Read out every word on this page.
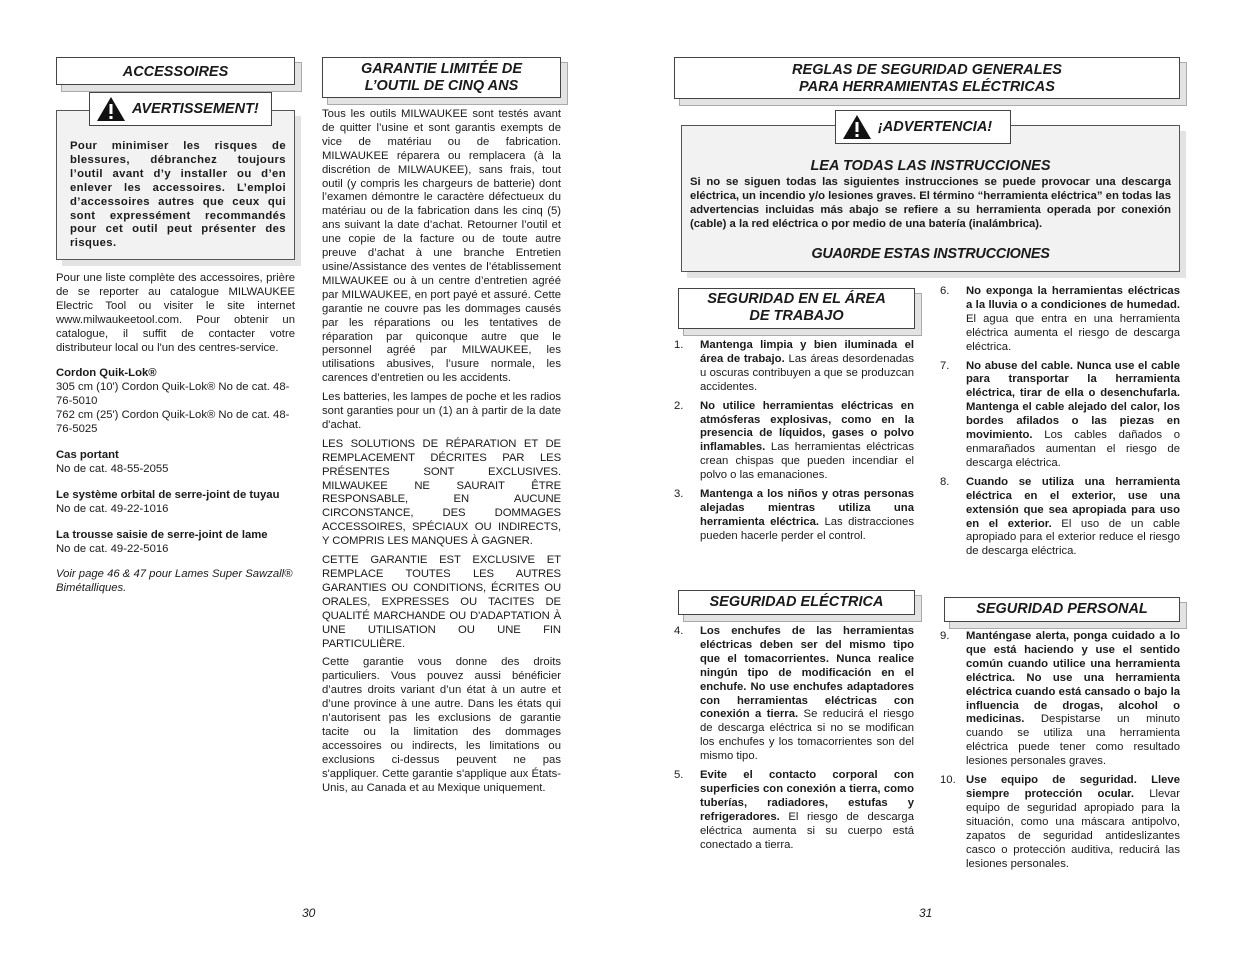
ACCESSOIRES
AVERTISSEMENT!
Pour minimiser les risques de blessures, débranchez toujours l’outil avant d’y installer ou d’en enlever les accessoires. L’emploi d’accessoires autres que ceux qui sont expressément recommandés pour cet outil peut présenter des risques.

Pour une liste complète des accessoires, prière de se reporter au catalogue MILWAUKEE Electric Tool ou visiter le site internet www.milwaukeetool.com. Pour obtenir un catalogue, il suffit de contacter votre distributeur local ou l'un des centres-service.

Cordon Quik-Lok®
305 cm (10') Cordon Quik-Lok® No de cat. 48-76-5010
762 cm (25') Cordon Quik-Lok® No de cat. 48-76-5025
Cas portant
No de cat. 48-55-2055
Le système orbital de serre-joint de tuyau
No de cat. 49-22-1016
La trousse saisie de serre-joint de lame
No de cat. 49-22-5016

Voir page 46 & 47 pour Lames Super Sawzall® Bimétalliques.

GARANTIE LIMITÉE DE
L’OUTIL DE CINQ ANS

Tous les outils MILWAUKEE sont testés avant de quitter l’usine et sont garantis exempts de vice de matériau ou de fabrication. MILWAUKEE réparera ou remplacera (à la discrétion de MILWAUKEE), sans frais, tout outil (y compris les chargeurs de batterie) dont l’examen démontre le caractère défectueux du matériau ou de la fabrication dans les cinq (5) ans suivant la date d’achat. Retourner l’outil et une copie de la facture ou de toute autre preuve d’achat à une branche Entretien usine/Assistance des ventes de l’établissement MILWAUKEE ou à un centre d’entretien agréé par MILWAUKEE, en port payé et assuré. Cette garantie ne couvre pas les dommages causés par les réparations ou les tentatives de réparation par quiconque autre que le personnel agréé par MILWAUKEE, les utilisations abusives, l’usure normale, les carences d’entretien ou les accidents.

Les batteries, les lampes de poche et les radios sont garanties pour un (1) an à partir de la date d'achat.

LES SOLUTIONS DE RÉPARATION ET DE REMPLACEMENT DÉCRITES PAR LES PRÉSENTES SONT EXCLUSIVES. MILWAUKEE NE SAURAIT ÊTRE RESPONSABLE, EN AUCUNE CIRCONSTANCE, DES DOMMAGES ACCESSOIRES, SPÉCIAUX OU INDIRECTS, Y COMPRIS LES MANQUES À GAGNER.

CETTE GARANTIE EST EXCLUSIVE ET REMPLACE TOUTES LES AUTRES GARANTIES OU CONDITIONS, ÉCRITES OU ORALES, EXPRESSES OU TACITES DE QUALITÉ MARCHANDE OU D'ADAPTATION À UNE UTILISATION OU UNE FIN PARTICULIÈRE.

Cette garantie vous donne des droits particuliers. Vous pouvez aussi bénéficier d’autres droits variant d’un état à un autre et d’une province à une autre. Dans les états qui n’autorisent pas les exclusions de garantie tacite ou la limitation des dommages accessoires ou indirects, les limitations ou exclusions ci-dessus peuvent ne pas s'appliquer. Cette garantie s'applique aux États-Unis, au Canada et au Mexique uniquement.

30
REGLAS DE SEGURIDAD GENERALES
PARA HERRAMIENTAS ELÉCTRICAS
¡ADVERTENCIA!
LEA TODAS LAS INSTRUCCIONES
Si no se siguen todas las siguientes instrucciones se puede provocar una descarga eléctrica, un incendio y/o lesiones graves. El término “herramienta eléctrica” en todas las advertencias incluidas más abajo se refiere a su herramienta operada por conexión (cable) a la red eléctrica o por medio de una batería (inalámbrica).
GUA0RDE ESTAS INSTRUCCIONES
SEGURIDAD EN EL ÁREA
DE TRABAJO
1. Mantenga limpia y bien iluminada el área de trabajo. Las áreas desordenadas u oscuras contribuyen a que se produzcan accidentes.
2. No utilice herramientas eléctricas en atmósferas explosivas, como en la presencia de líquidos, gases o polvo inflamables. Las herramientas eléctricas crean chispas que pueden incendiar el polvo o las emanaciones.
3. Mantenga a los niños y otras personas alejadas mientras utiliza una herramienta eléctrica. Las distracciones pueden hacerle perder el control.
SEGURIDAD ELÉCTRICA
4. Los enchufes de las herramientas eléctricas deben ser del mismo tipo que el tomacorrientes. Nunca realice ningún tipo de modificación en el enchufe. No use enchufes adaptadores con herramientas eléctricas con conexión a tierra. Se reducirá el riesgo de descarga eléctrica si no se modifican los enchufes y los tomacorrientes son del mismo tipo.
5. Evite el contacto corporal con superficies con conexión a tierra, como tuberías, radiadores, estufas y refrigeradores. El riesgo de descarga eléctrica aumenta si su cuerpo está conectado a tierra.
6. No exponga la herramientas eléctricas a la lluvia o a condiciones de humedad. El agua que entra en una herramienta eléctrica aumenta el riesgo de descarga eléctrica.
7. No abuse del cable. Nunca use el cable para transportar la herramienta eléctrica, tirar de ella o desenchufarla. Mantenga el cable alejado del calor, los bordes afilados o las piezas en movimiento. Los cables dañados o enmarañados aumentan el riesgo de descarga eléctrica.
8. Cuando se utiliza una herramienta eléctrica en el exterior, use una extensión que sea apropiada para uso en el exterior. El uso de un cable apropiado para el exterior reduce el riesgo de descarga eléctrica.
SEGURIDAD PERSONAL
9. Manténgase alerta, ponga cuidado a lo que está haciendo y use el sentido común cuando utilice una herramienta eléctrica. No use una herramienta eléctrica cuando está cansado o bajo la influencia de drogas, alcohol o medicinas. Despistarse un minuto cuando se utiliza una herramienta eléctrica puede tener como resultado lesiones personales graves.
10. Use equipo de seguridad. Lleve siempre protección ocular. Llevar equipo de seguridad apropiado para la situación, como una máscara antipolvo, zapatos de seguridad antideslizantes casco o protección auditiva, reducirá las lesiones personales.
31
